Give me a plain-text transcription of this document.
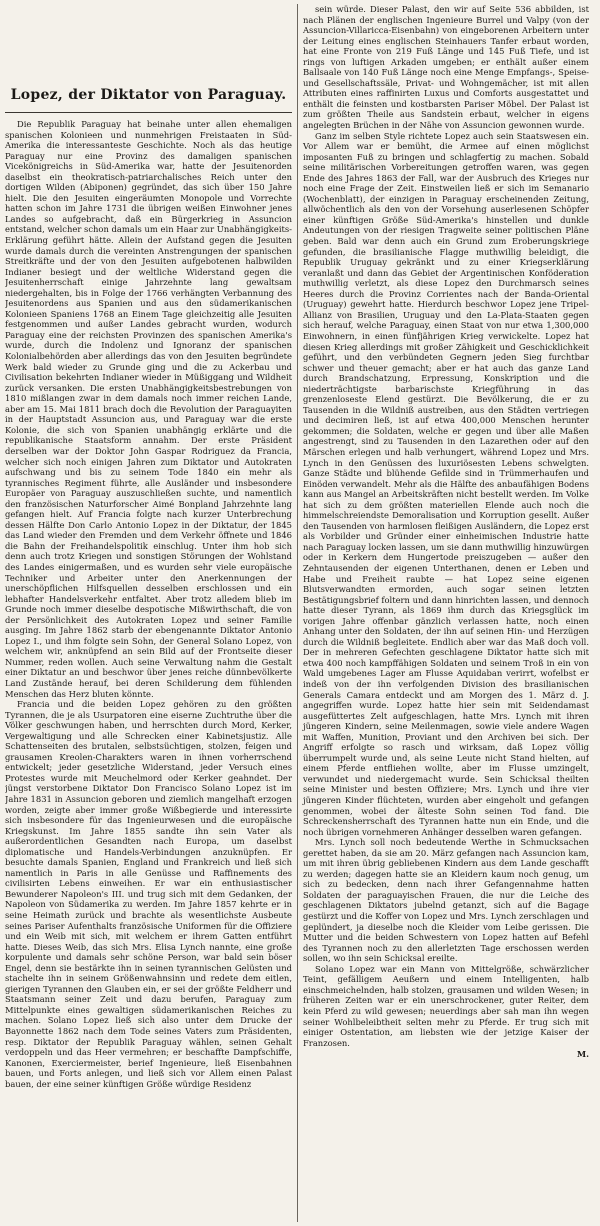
Lopez, der Diktator von Paraguay.

Die Republik Paraguay hat beinahe unter allen ehemaligen spanischen Kolonieen und nunmehrigen Freistaaten in Süd-Amerika die interessanteste Geschichte. Noch als das heutige Paraguay nur eine Provinz des damaligen spanischen Vicekönigreichs in Süd-Amerika war, hatte der Jesuitenorden daselbst ein theokratisch-patriarchalisches Reich unter den dortigen Wilden (Abiponen) gegründet, das sich über 150 Jahre hielt. Die den Jesuiten eingeräumten Monopole und Vorrechte hatten schon im Jahre 1731 die übrigen weißen Einwohner jenes Landes so aufgebracht, daß ein Bürgerkrieg in Assuncion entstand, welcher schon damals um ein Haar zur Unabhängigkeits-Erklärung geführt hätte. Allein der Aufstand gegen die Jesuiten wurde damals durch die vereinten Anstrengungen der spanischen Streitkräfte und der von den Jesuiten aufgebotenen halbwilden Indianer besiegt und der weltliche Widerstand gegen die Jesuitenherrschaft einige Jahrzehnte lang gewaltsam niedergehalten, bis in Folge der 1766 verhängten Verbannung des Jesuitenordens aus Spanien und aus den südamerikanischen Kolonieen Spaniens 1768 an Einem Tage gleichzeitig alle Jesuiten festgenommen und außer Landes gebracht wurden, wodurch Paraguay eine der reichsten Provinzen des spanischen Amerika's wurde, durch die Indolenz und Ignoranz der spanischen Kolonialbehörden aber allerdings das von den Jesuiten begründete Werk bald wieder zu Grunde ging und die zu Ackerbau und Civilisation bekehrten Indianer wieder in Müßiggang und Wildheit zurück versanken. Die ersten Unabhängigkeitsbestrebungen von 1810 mißlangen zwar in dem damals noch immer reichen Lande, aber am 15. Mai 1811 brach doch die Revolution der Paraguayiten in der Hauptstadt Assuncion aus, und Paraguay war die erste Kolonie, die sich von Spanien unabhängig erklärte und die republikanische Staatsform annahm. Der erste Präsident derselben war der Doktor John Gaspar Rodriguez da Francia, welcher sich noch einigen Jahren zum Diktator und Autokraten aufschwang und bis zu seinem Tode 1840 ein mehr als tyrannisches Regiment führte, alle Ausländer und insbesondere Europäer von Paraguay auszuschließen suchte, und namentlich den französischen Naturforscher Aimé Bonpland Jahrzehnte lang gefangen hielt. Auf Francia folgte nach kurzer Unterbrechung dessen Hälfte Don Carlo Antonio Lopez in der Diktatur, der 1845 das Land wieder den Fremden und dem Verkehr öffnete und 1846 die Bahn der Freihandelspolitik einschlug. Unter ihm hob sich denn auch trotz Kriegen und sonstigen Störungen der Wohlstand des Landes einigermaßen, und es wurden sehr viele europäische Techniker und Arbeiter unter den Anerkennungen der unerschöpflichen Hilfsquellen desselben erschlossen und ein lebhafter Handelsverkehr entfaltet. Aber trotz alledem blieb im Grunde noch immer dieselbe despotische Mißwirthschaft, die von der Persönlichkeit des Autokraten Lopez und seiner Familie ausging. Im Jahre 1862 starb der ebengenannte Diktator Antonio Lopez I., und ihm folgte sein Sohn, der General Solano Lopez, von welchem wir, anknüpfend an sein Bild auf der Frontseite dieser Nummer, reden wollen. Auch seine Verwaltung nahm die Gestalt einer Diktatur an und beschwor über jenes reiche dünnbevölkerte Land Zustände herauf, bei deren Schilderung dem fühlenden Menschen das Herz bluten könnte.

Francia und die beiden Lopez gehören zu den größten Tyrannen, die je als Usurpatoren eine eiserne Zuchtruthe über die Völker geschwungen haben, und herrschten durch Mord, Kerker, Vergewaltigung und alle Schrecken einer Kabinetsjustiz. Alle Schattenseiten des brutalen, selbstsüchtigen, stolzen, feigen und grausamen Kreolen-Charakters waren in ihnen vorherrschend entwickelt; jeder gesetzliche Widerstand, jeder Versuch eines Protestes wurde mit Meuchelmord oder Kerker geahndet. Der jüngst verstorbene Diktator Don Francisco Solano Lopez ist im Jahre 1831 in Assuncion geboren und ziemlich mangelhaft erzogen worden, zeigte aber immer große Wißbegierde und interessirte sich insbesondere für das Ingenieurwesen und die europäische Kriegskunst. Im Jahre 1855 sandte ihn sein Vater als außerordentlichen Gesandten nach Europa, um daselbst diplomatische und Handels-Verbindungen anzuknüpfen. Er besuchte damals Spanien, England und Frankreich und ließ sich namentlich in Paris in alle Genüsse und Raffinements des civilisirten Lebens einweihen. Er war ein enthusiastischer Bewunderer Napoleon's III. und trug sich mit dem Gedanken, der Napoleon von Südamerika zu werden. Im Jahre 1857 kehrte er in seine Heimath zurück und brachte als wesentlichste Ausbeute seines Pariser Aufenthalts französische Uniformen für die Offiziere und ein Weib mit sich, mit welchem er ihrem Gatten entführt hatte. Dieses Weib, das sich Mrs. Elisa Lynch nannte, eine große korpulente und damals sehr schöne Person, war bald sein böser Engel, denn sie bestärkte ihn in seinen tyrannischen Gelüsten und stachelte ihn in seinem Größenwahnsinn und redete dem eitlen, gierigen Tyrannen den Glauben ein, er sei der größte Feldherr und Staatsmann seiner Zeit und dazu berufen, Paraguay zum Mittelpunkte eines gewaltigen südamerikanischen Reiches zu machen. Solano Lopez ließ sich also unter dem Drucke der Bayonnette 1862 nach dem Tode seines Vaters zum Präsidenten, resp. Diktator der Republik Paraguay wählen, seinen Gehalt verdoppeln und das Heer vermehren; er beschaffte Dampfschiffe, Kanonen, Exerciermeister, berief Ingenieure, ließ Eisenbahnen bauen, und Forts anlegen, und ließ sich vor Allem einen Palast bauen, der eine seiner künftigen Größe würdige Residenz

sein würde. Dieser Palast, den wir auf Seite 536 abbilden, ist nach Plänen der englischen Ingenieure Burrel und Valpy (von der Assuncion-Villaricca-Eisenbahn) von eingeborenen Arbeitern unter der Leitung eines englischen Steinhauers Tanfer erbaut worden, hat eine Fronte von 219 Fuß Länge und 145 Fuß Tiefe, und ist rings von luftigen Arkaden umgeben; er enthält außer einem Ballsaale von 140 Fuß Länge noch eine Menge Empfangs-, Speise- und Gesellschaftssäle, Privat- und Wohngemächer, ist mit allen Attributen eines raffinirten Luxus und Comforts ausgestattet und enthält die feinsten und kostbarsten Pariser Möbel. Der Palast ist zum größten Theile aus Sandstein erbaut, welcher in eigens angelegten Brüchen in der Nähe von Assuncion gewonnen wurde.

Ganz im selben Style richtete Lopez auch sein Staatswesen ein. Vor Allem war er bemüht, die Armee auf einen möglichst imposanten Fuß zu bringen und schlagfertig zu machen. Sobald seine militärischen Vorbereitungen getroffen waren, was gegen Ende des Jahres 1863 der Fall, war der Ausbruch des Krieges nur noch eine Frage der Zeit. Einstweilen ließ er sich im Semanario (Wochenblatt), der einzigen in Paraguay erscheinenden Zeitung, allwöchentlich als den von der Vorsehung auserlesenen Schöpfer einer künftigen Größe Süd-Amerika's hinstellen und dunkle Andeutungen von der riesigen Tragweite seiner politischen Pläne geben. Bald war denn auch ein Grund zum Eroberungskriege gefunden, die brasilianische Flagge muthwillig beleidigt, die Republik Uruguay gekränkt und zu einer Kriegserklärung veranlaßt und dann das Gebiet der Argentinischen Konföderation muthwillig verletzt, als diese Lopez den Durchmarsch seines Heeres durch die Provinz Corrientes nach der Banda-Oriental (Uruguay) gewehrt hatte. Hierdurch beschwor Lopez jene Tripel-Allianz von Brasilien, Uruguay und den La-Plata-Staaten gegen sich herauf, welche Paraguay, einen Staat von nur etwa 1,300,000 Einwohnern, in einen fünfjährigen Krieg verwickelte. Lopez hat diesen Krieg allerdings mit großer Zähigkeit und Geschicklichkeit geführt, und den verbündeten Gegnern jeden Sieg furchtbar schwer und theuer gemacht; aber er hat auch das ganze Land durch Brandschatzung, Erpressung, Konskription und die niederträchtigste barbarischste Kriegführung in das grenzenloseste Elend gestürzt. Die Bevölkerung, die er zu Tausenden in die Wildniß austreiben, aus den Städten vertriegen und decimiren ließ, ist auf etwa 400,000 Menschen herunter gekommen; die Soldaten, welche er gegen und über alle Maßen angestrengt, sind zu Tausenden in den Lazarethen oder auf den Märschen erlegen und halb verhungert, während Lopez und Mrs. Lynch in den Genüssen des luxuriösesten Lebens schwelgten. Ganze Städte und blühende Gefilde sind in Trümmerhaufen und Einöden verwandelt. Mehr als die Hälfte des anbaufähigen Bodens kann aus Mangel an Arbeitskräften nicht bestellt werden. Im Volke hat sich zu dem größten materiellen Elende auch noch die himmelschreiendste Demoralisation und Korruption gesellt. Außer den Tausenden von harmlosen fleißigen Ausländern, die Lopez erst als Vorbilder und Gründer einer einheimischen Industrie hatte nach Paraguay locken lassen, um sie dann muthwillig hinzuwürgen oder in Kerkern dem Hungertode preiszugeben — außer den Zehntausenden der eigenen Unterthanen, denen er Leben und Habe und Freiheit raubte — hat Lopez seine eigenen Blutsverwandten ermorden, auch sogar seinen letzten Bestätigungsbrief foltern und dann hinrichten lassen, und dennoch hatte dieser Tyrann, als 1869 ihm durch das Kriegsglück im vorigen Jahre offenbar gänzlich verlassen hatte, noch einen Anhang unter den Soldaten, der ihn auf seinen Hin- und Herzügen durch die Wildniß begleitete. Endlich aber war das Maß doch voll. Der in mehreren Gefechten geschlagene Diktator hatte sich mit etwa 400 noch kampffähigen Soldaten und seinem Troß in ein von Wald umgebenes Lager am Flusse Aquidaban verirrt, wofelbst er indeß von der ihn verfolgenden Division des brasilianischen Generals Camara entdeckt und am Morgen des 1. März d. J. angegriffen wurde. Lopez hatte hier sein mit Seidendamast ausgefüttertes Zelt aufgeschlagen, hatte Mrs. Lynch mit ihren jüngeren Kindern, seine Meilenmagen, sowie viele andere Wagen mit Waffen, Munition, Proviant und den Archiven bei sich. Der Angriff erfolgte so rasch und wirksam, daß Lopez völlig überrumpelt wurde und, als seine Leute nicht Stand hielten, auf einem Pferde entfliehen wollte, aber im Flusse umzingelt, verwundet und niedergemacht wurde. Sein Schicksal theilten seine Minister und besten Offiziere; Mrs. Lynch und ihre vier jüngeren Kinder flüchteten, wurden aber eingeholt und gefangen genommen, wobei der älteste Sohn seinen Tod fand. Die Schreckensherrschaft des Tyrannen hatte nun ein Ende, und die noch übrigen vornehmeren Anhänger desselben waren gefangen.

Mrs. Lynch soll noch bedeutende Werthe in Schmucksachen gerettet haben, da sie am 20. März gefangen nach Assuncion kam, um mit ihren übrig gebliebenen Kindern aus dem Lande geschafft zu werden; dagegen hatte sie an Kleidern kaum noch genug, um sich zu bedecken, denn nach ihrer Gefangennahme hatten Soldaten der paraguayischen Frauen, die nur die Leiche des geschlagenen Diktators jubelnd getanzt, sich auf die Bagage gestürzt und die Koffer von Lopez und Mrs. Lynch zerschlagen und geplündert, ja dieselbe noch die Kleider vom Leibe gerissen. Die Mutter und die beiden Schwestern von Lopez hatten auf Befehl des Tyrannen noch zu den allerletzten Tage erschossen werden sollen, wo ihn sein Schicksal ereilte.

Solano Lopez war ein Mann von Mittelgröße, schwärzlicher Teint, gefälligem Aeußern und einem Intelligenten, halb einschmeichelnden, halb stolzen, grausamen und wilden Wesen; in früheren Zeiten war er ein unerschrockener, guter Reiter, dem kein Pferd zu wild gewesen; neuerdings aber sah man ihn wegen seiner Wohlbeleibtheit selten mehr zu Pferde. Er trug sich mit einiger Ostentation, am liebsten wie der jetzige Kaiser der Franzosen.

M.
